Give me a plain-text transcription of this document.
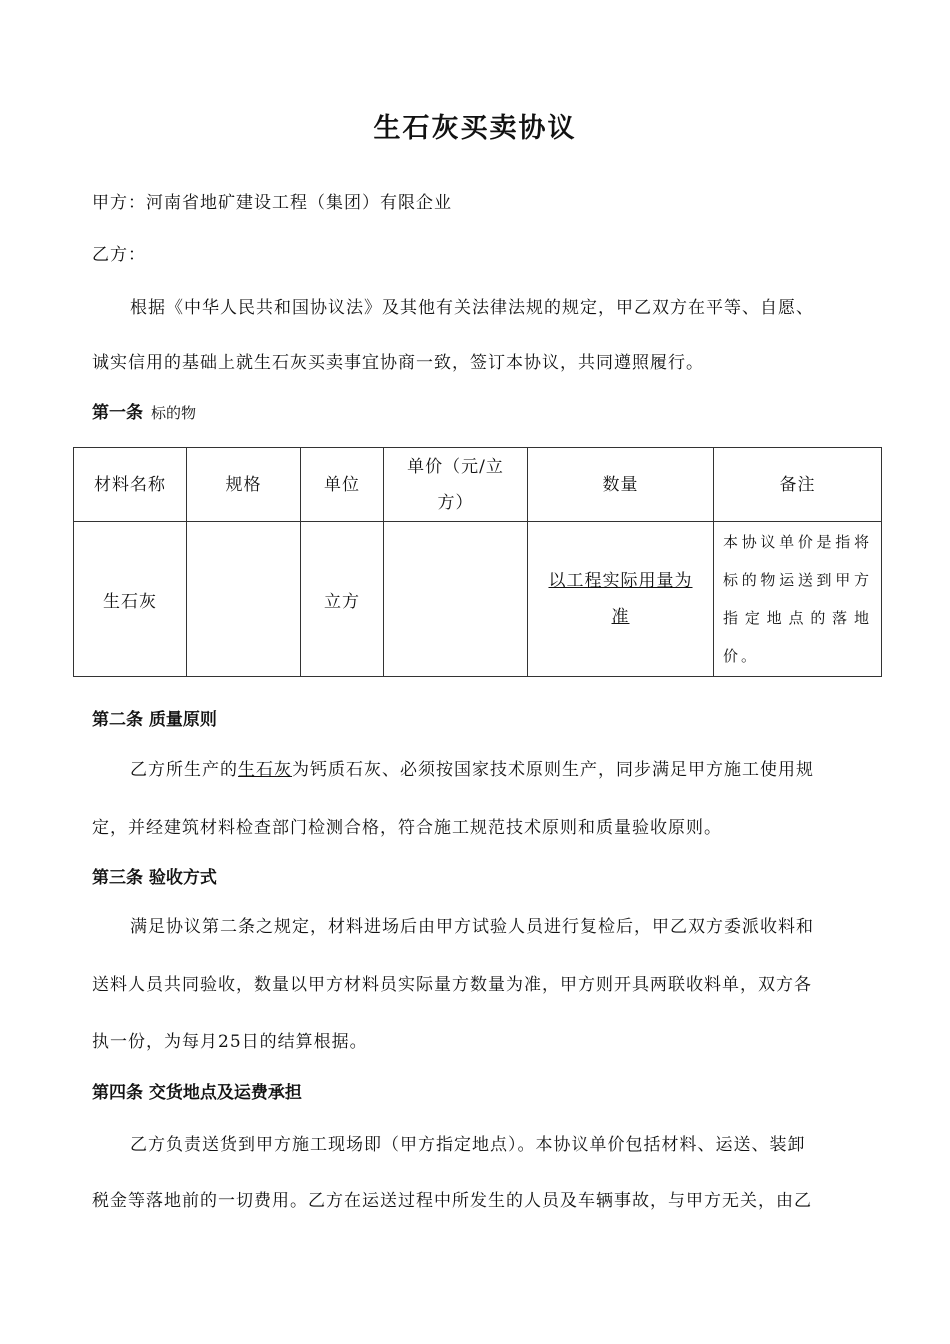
生石灰买卖协议
甲方：河南省地矿建设工程（集团）有限企业
乙方：
根据《中华人民共和国协议法》及其他有关法律法规的规定，甲乙双方在平等、自愿、
诚实信用的基础上就生石灰买卖事宜协商一致，签订本协议，共同遵照履行。
第一条 标的物
材料名称	规格	单位	单价（元/立方）	数量	备注
生石灰		立方		以工程实际用量为准	本协议单价是指将标的物运送到甲方指定地点的落地价。
第二条 质量原则
乙方所生产的生石灰为钙质石灰、必须按国家技术原则生产，同步满足甲方施工使用规
定，并经建筑材料检查部门检测合格，符合施工规范技术原则和质量验收原则。
第三条 验收方式
满足协议第二条之规定，材料进场后由甲方试验人员进行复检后，甲乙双方委派收料和
送料人员共同验收，数量以甲方材料员实际量方数量为准，甲方则开具两联收料单，双方各
执一份，为每月25日的结算根据。
第四条 交货地点及运费承担
乙方负责送货到甲方施工现场即（甲方指定地点）。本协议单价包括材料、运送、装卸
税金等落地前的一切费用。乙方在运送过程中所发生的人员及车辆事故，与甲方无关，由乙
